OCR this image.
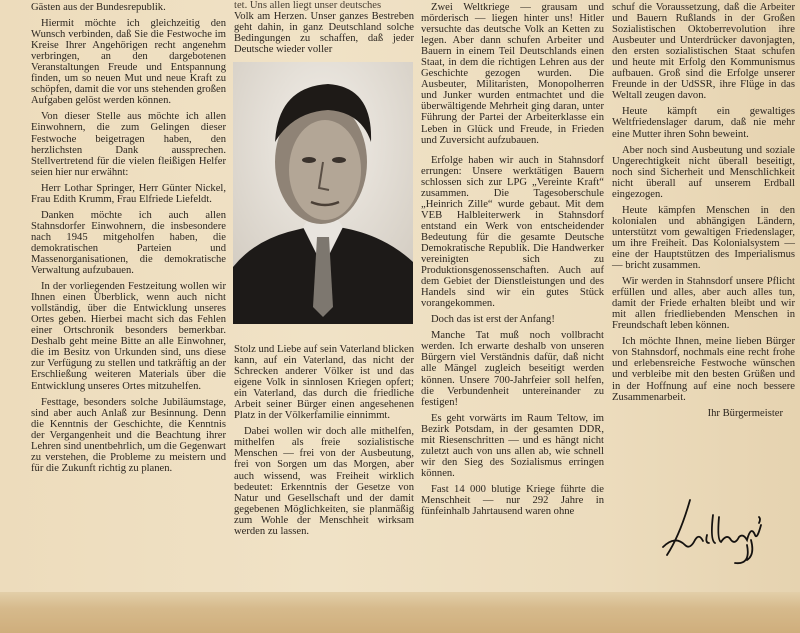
Gästen aus der Bundesrepublik.

Hiermit möchte ich gleichzeitig den Wunsch verbinden, daß Sie die Festwoche im Kreise Ihrer Angehörigen recht angenehm verbringen, an den dargebotenen Veranstaltungen Freude und Entspannung finden, um so neuen Mut und neue Kraft zu schöpfen, damit die vor uns stehenden großen Aufgaben gelöst werden können.

Von dieser Stelle aus möchte ich allen Einwohnern, die zum Gelingen dieser Festwoche beigetragen haben, den herzlichsten Dank aussprechen. Stellvertretend für die vielen fleißigen Helfer seien hier nur erwähnt:

Herr Lothar Springer, Herr Günter Nickel, Frau Edith Krumm, Frau Elfriede Liefeldt.

Danken möchte ich auch allen Stahnsdorfer Einwohnern, die insbesondere nach 1945 mitgeholfen haben, die demokratischen Parteien und Massenorganisationen, die demokratische Verwaltung aufzubauen.

In der vorliegenden Festzeitung wollen wir Ihnen einen Überblick, wenn auch nicht vollständig, über die Entwicklung unseres Ortes geben. Hierbei macht sich das Fehlen einer Ortschronik besonders bemerkbar. Deshalb geht meine Bitte an alle Einwohner, die im Besitz von Urkunden sind, uns diese zur Verfügung zu stellen und tatkräftig an der Erschließung weiteren Materials über die Entwicklung unseres Ortes mitzuhelfen.

Festtage, besonders solche Jubiläumstage, sind aber auch Anlaß zur Besinnung. Denn die Kenntnis der Geschichte, die Kenntnis der Vergangenheit und die Beachtung ihrer Lehren sind unentbehrlich, um die Gegenwart zu verstehen, die Probleme zu meistern und für die Zukunft richtig zu planen.

tet. Uns allen liegt unser deutsches

Volk am Herzen. Unser ganzes Bestreben geht dahin, in ganz Deutschland solche Bedingungen zu schaffen, daß jeder Deutsche wieder voller

Stolz und Liebe auf sein Vaterland blicken kann, auf ein Vaterland, das nicht der Schrecken anderer Völker ist und das eigene Volk in sinnlosen Kriegen opfert; ein Vaterland, das durch die friedliche Arbeit seiner Bürger einen angesehenen Platz in der Völkerfamilie einnimmt.

Dabei wollen wir doch alle mithelfen, mithelfen als freie sozialistische Menschen — frei von der Ausbeutung, frei von Sorgen um das Morgen, aber auch wissend, was Freiheit wirklich bedeutet: Erkenntnis der Gesetze von Natur und Gesellschaft und der damit gegebenen Möglichkeiten, sie planmäßig zum Wohle der Menschheit wirksam werden zu lassen.

Zwei Weltkriege — grausam und mörderisch — liegen hinter uns! Hitler versuchte das deutsche Volk an Ketten zu legen. Aber dann schufen Arbeiter und Bauern in einem Teil Deutschlands einen Staat, in dem die richtigen Lehren aus der Geschichte gezogen wurden. Die Ausbeuter, Militaristen, Monopolherren und Junker wurden entmachtet und die überwältigende Mehrheit ging daran, unter Führung der Partei der Arbeiterklasse ein Leben in Glück und Freude, in Frieden und Zuversicht aufzubauen.

Erfolge haben wir auch in Stahnsdorf errungen: Unsere werktätigen Bauern schlossen sich zur LPG „Vereinte Kraft“ zusammen. Die Tagesoberschule „Heinrich Zille“ wurde gebaut. Mit dem VEB Halbleiterwerk in Stahnsdorf entstand ein Werk von entscheidender Bedeutung für die gesamte Deutsche Demokratische Republik. Die Handwerker vereinigten sich zu Produktionsgenossenschaften. Auch auf dem Gebiet der Dienstleistungen und des Handels sind wir ein gutes Stück vorangekommen.

Doch das ist erst der Anfang!

Manche Tat muß noch vollbracht werden. Ich erwarte deshalb von unseren Bürgern viel Verständnis dafür, daß nicht alle Mängel zugleich beseitigt werden können. Unsere 700-Jahrfeier soll helfen, die Verbundenheit untereinander zu festigen!

Es geht vorwärts im Raum Teltow, im Bezirk Potsdam, in der gesamten DDR, mit Riesenschritten — und es hängt nicht zuletzt auch von uns allen ab, wie schnell wir den Sieg des Sozialismus erringen können.

Fast 14 000 blutige Kriege führte die Menschheit — nur 292 Jahre in fünfeinhalb Jahrtausend waren ohne

schuf die Voraussetzung, daß die Arbeiter und Bauern Rußlands in der Großen Sozialistischen Oktoberrevolution ihre Ausbeuter und Unterdrücker davonjagten, den ersten sozialistischen Staat schufen und heute mit Erfolg den Kommunismus aufbauen. Groß sind die Erfolge unserer Freunde in der UdSSR, ihre Flüge in das Weltall zeugen davon.

Heute kämpft ein gewaltiges Weltfriedenslager darum, daß nie mehr eine Mutter ihren Sohn beweint.

Aber noch sind Ausbeutung und soziale Ungerechtigkeit nicht überall beseitigt, noch sind Sicherheit und Menschlichkeit nicht überall auf unserem Erdball eingezogen.

Heute kämpfen Menschen in den kolonialen und abhängigen Ländern, unterstützt vom gewaltigen Friedenslager, um ihre Freiheit. Das Kolonialsystem — eine der Hauptstützen des Imperialismus — bricht zusammen.

Wir werden in Stahnsdorf unsere Pflicht erfüllen und alles, aber auch alles tun, damit der Friede erhalten bleibt und wir mit allen friedliebenden Menschen in Freundschaft leben können.

Ich möchte Ihnen, meine lieben Bürger von Stahnsdorf, nochmals eine recht frohe und erlebensreiche Festwoche wünschen und verbleibe mit den besten Grüßen und in der Hoffnung auf eine noch bessere Zusammenarbeit.

Ihr Bürgermeister
